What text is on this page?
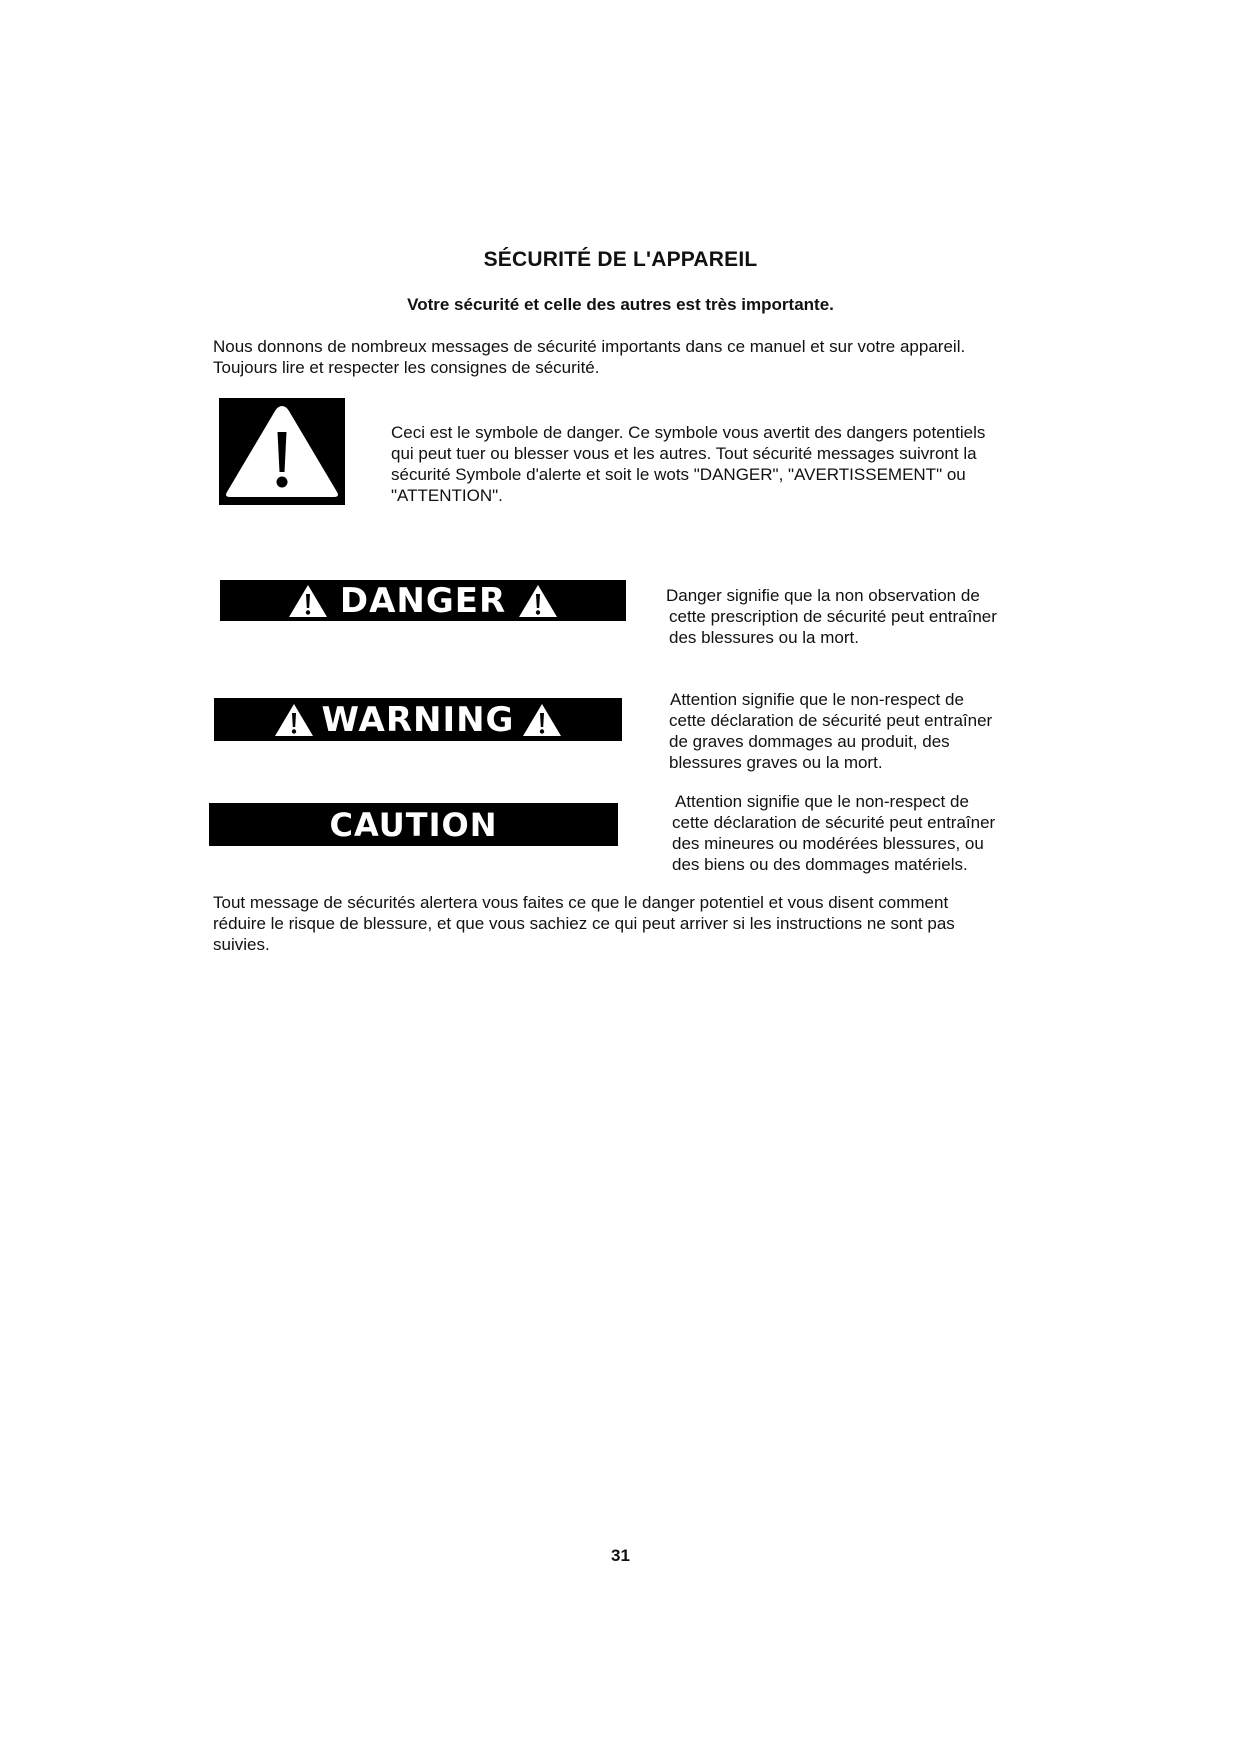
SÉCURITÉ DE L'APPAREIL
Votre sécurité et celle des autres est très importante.

Nous donnons de nombreux messages de sécurité importants dans ce manuel et sur votre appareil.

Toujours lire et respecter les consignes de sécurité.

Ceci est le symbole de danger. Ce symbole vous avertit des dangers potentiels

qui peut tuer ou blesser vous et les autres. Tout sécurité messages suivront la

sécurité Symbole d'alerte et soit le wots "DANGER", "AVERTISSEMENT" ou

"ATTENTION".

DANGER	Danger signifie que la non observation de

cette prescription de sécurité peut entraîner

des blessures ou la mort.

WARNING	Attention signifie que le non-respect de

cette déclaration de sécurité peut entraîner

de graves dommages au produit, des

blessures graves ou la mort.

CAUTION

Attention signifie que le non-respect de

cette déclaration de sécurité peut entraîner

des mineures ou modérées blessures, ou

des biens ou des dommages matériels.

Tout message de sécurités alertera vous faites ce que le danger potentiel et vous disent comment

réduire le risque de blessure, et que vous sachiez ce qui peut arriver si les instructions ne sont pas

suivies.

31
